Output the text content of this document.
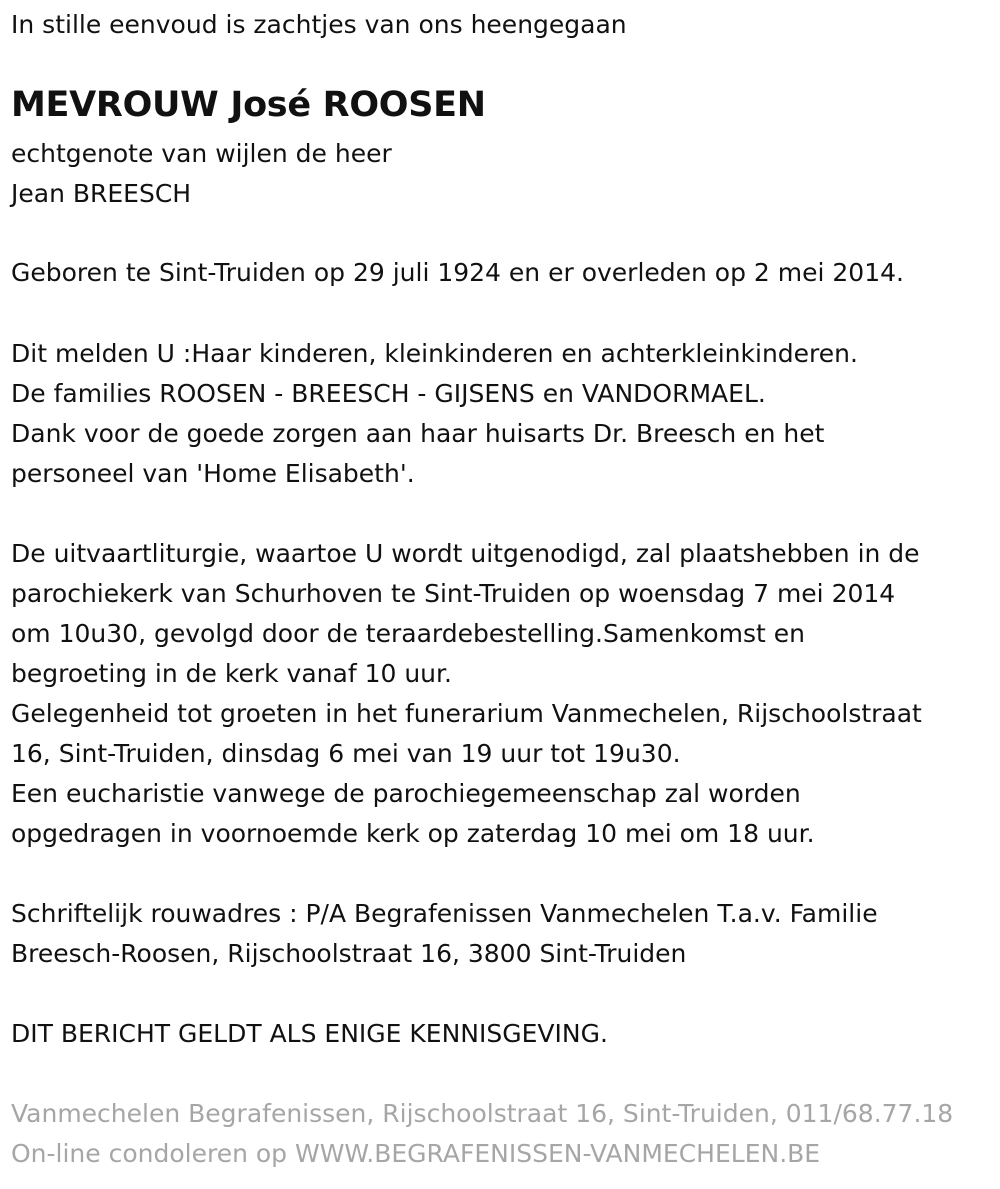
In stille eenvoud is zachtjes van ons heengegaan
MEVROUW José ROOSEN
echtgenote van wijlen de heer
Jean BREESCH
Geboren te Sint-Truiden op 29 juli 1924 en er overleden op 2 mei 2014.
Dit melden U :Haar kinderen, kleinkinderen en achterkleinkinderen.
De families ROOSEN - BREESCH - GIJSENS en VANDORMAEL.
Dank voor de goede zorgen aan haar huisarts Dr. Breesch en het
personeel van 'Home Elisabeth'.
De uitvaartliturgie, waartoe U wordt uitgenodigd, zal plaatshebben in de
parochiekerk van Schurhoven te Sint-Truiden op woensdag 7 mei 2014
om 10u30, gevolgd door de teraardebestelling.Samenkomst en
begroeting in de kerk vanaf 10 uur.
Gelegenheid tot groeten in het funerarium Vanmechelen, Rijschoolstraat
16, Sint-Truiden, dinsdag 6 mei van 19 uur tot 19u30.
Een eucharistie vanwege de parochiegemeenschap zal worden
opgedragen in voornoemde kerk op zaterdag 10 mei om 18 uur.
Schriftelijk rouwadres : P/A Begrafenissen Vanmechelen T.a.v. Familie
Breesch-Roosen, Rijschoolstraat 16, 3800 Sint-Truiden
DIT BERICHT GELDT ALS ENIGE KENNISGEVING.
Vanmechelen Begrafenissen, Rijschoolstraat 16, Sint-Truiden, 011/68.77.18
On-line condoleren op WWW.BEGRAFENISSEN-VANMECHELEN.BE
